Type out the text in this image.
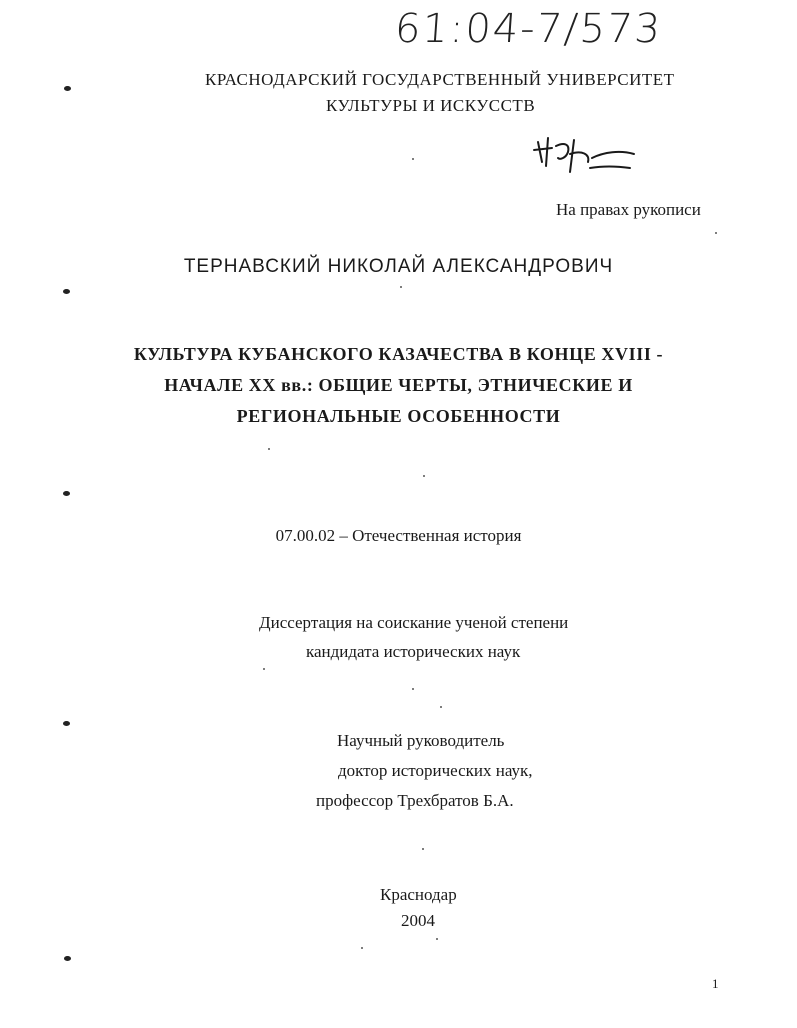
61:04-7/573
КРАСНОДАРСКИЙ ГОСУДАРСТВЕННЫЙ УНИВЕРСИТЕТ
КУЛЬТУРЫ И ИСКУССТВ
На правах рукописи
ТЕРНАВСКИЙ НИКОЛАЙ АЛЕКСАНДРОВИЧ
КУЛЬТУРА КУБАНСКОГО КАЗАЧЕСТВА В КОНЦЕ XVIII -
НАЧАЛЕ XX вв.: ОБЩИЕ ЧЕРТЫ, ЭТНИЧЕСКИЕ И
РЕГИОНАЛЬНЫЕ ОСОБЕННОСТИ
07.00.02 – Отечественная история
Диссертация на соискание ученой степени
кандидата исторических наук
Научный руководитель
доктор исторических наук,
профессор Трехбратов Б.А.
Краснодар
2004
1
